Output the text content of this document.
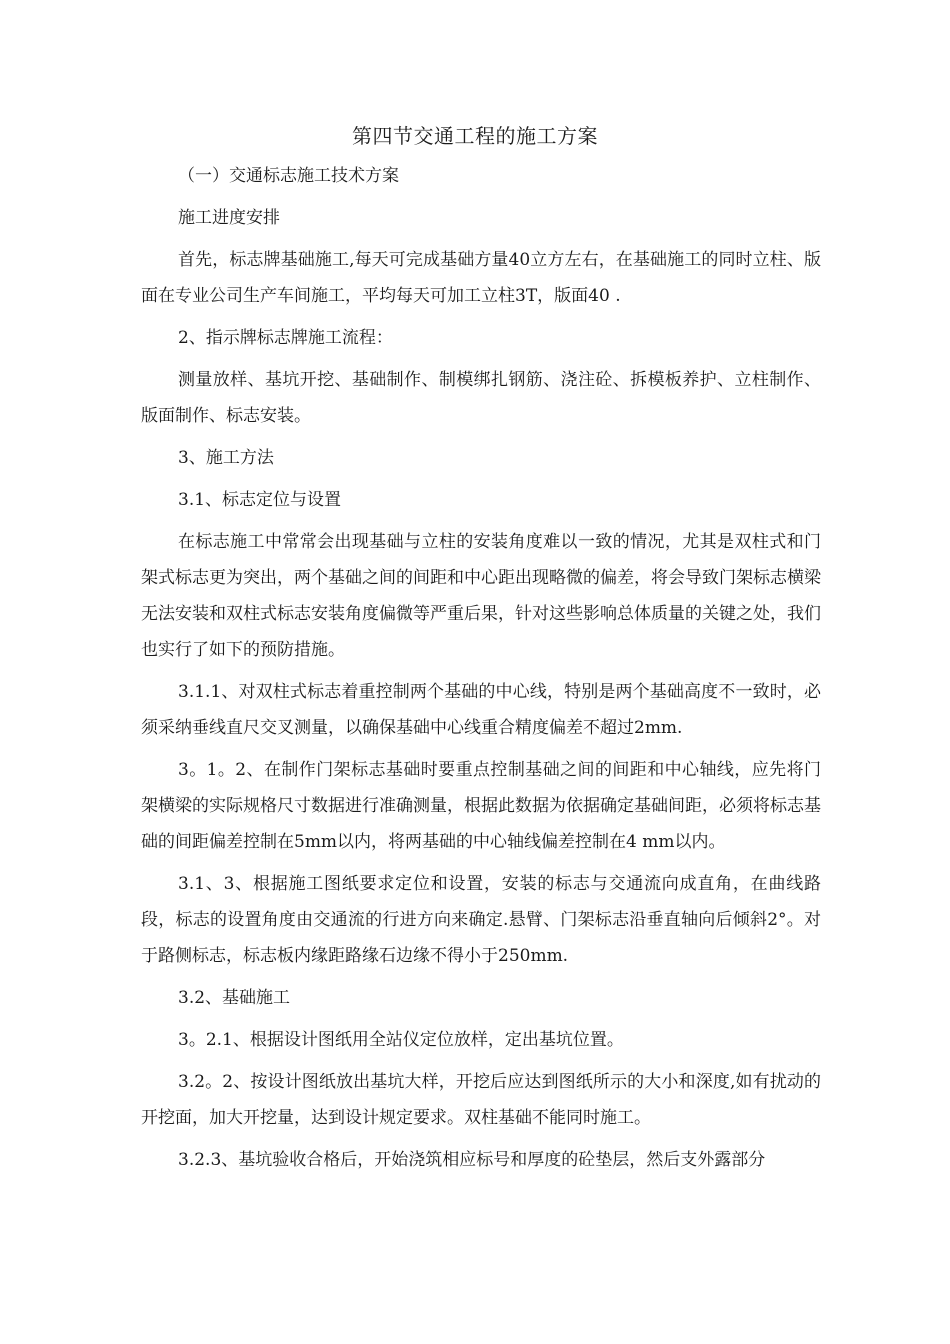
第四节交通工程的施工方案

（一）交通标志施工技术方案

施工进度安排

首先，标志牌基础施工,每天可完成基础方量40立方左右，在基础施工的同时立柱、版面在专业公司生产车间施工，平均每天可加工立柱3T，版面40 .

2、指示牌标志牌施工流程：

测量放样、基坑开挖、基础制作、制模绑扎钢筋、浇注砼、拆模板养护、立柱制作、版面制作、标志安装。

3、施工方法

3.1、标志定位与设置

在标志施工中常常会出现基础与立柱的安装角度难以一致的情况，尤其是双柱式和门架式标志更为突出，两个基础之间的间距和中心距出现略微的偏差，将会导致门架标志横梁无法安装和双柱式标志安装角度偏微等严重后果，针对这些影响总体质量的关键之处，我们也实行了如下的预防措施。

3.1.1、对双柱式标志着重控制两个基础的中心线，特别是两个基础高度不一致时，必须采纳垂线直尺交叉测量，以确保基础中心线重合精度偏差不超过2mm.

3。1。2、在制作门架标志基础时要重点控制基础之间的间距和中心轴线，应先将门架横梁的实际规格尺寸数据进行准确测量，根据此数据为依据确定基础间距，必须将标志基础的间距偏差控制在5mm以内，将两基础的中心轴线偏差控制在4 mm以内。

3.1、3、根据施工图纸要求定位和设置，安装的标志与交通流向成直角，在曲线路段，标志的设置角度由交通流的行进方向来确定.悬臂、门架标志沿垂直轴向后倾斜2°。对于路侧标志，标志板内缘距路缘石边缘不得小于250mm.

3.2、基础施工

3。2.1、根据设计图纸用全站仪定位放样，定出基坑位置。

3.2。2、按设计图纸放出基坑大样，开挖后应达到图纸所示的大小和深度,如有扰动的开挖面，加大开挖量，达到设计规定要求。双柱基础不能同时施工。

3.2.3、基坑验收合格后，开始浇筑相应标号和厚度的砼垫层，然后支外露部分
